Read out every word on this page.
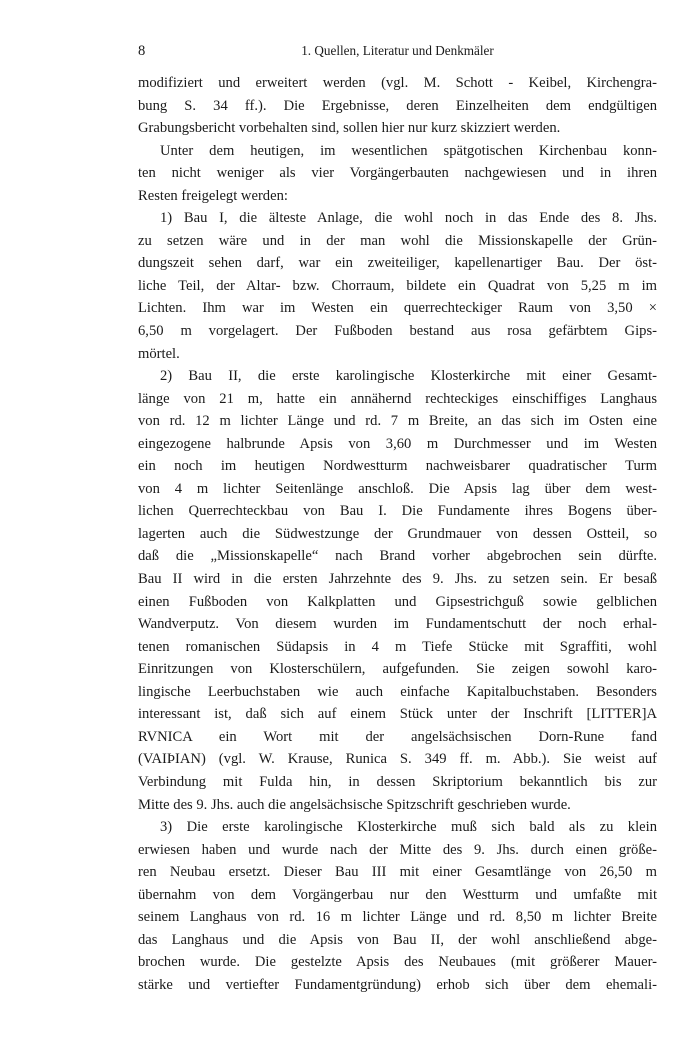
8	1. Quellen, Literatur und Denkmäler
modifiziert und erweitert werden (vgl. M. Schott - Keibel, Kirchengra-
bung S. 34 ff.). Die Ergebnisse, deren Einzelheiten dem endgültigen
Grabungsbericht vorbehalten sind, sollen hier nur kurz skizziert werden.
Unter dem heutigen, im wesentlichen spätgotischen Kirchenbau konn-
ten nicht weniger als vier Vorgängerbauten nachgewiesen und in ihren
Resten freigelegt werden:
1) Bau I, die älteste Anlage, die wohl noch in das Ende des 8. Jhs.
zu setzen wäre und in der man wohl die Missionskapelle der Grün-
dungszeit sehen darf, war ein zweiteiliger, kapellenartiger Bau. Der öst-
liche Teil, der Altar- bzw. Chorraum, bildete ein Quadrat von 5,25 m im
Lichten. Ihm war im Westen ein querrechteckiger Raum von 3,50 ×
6,50 m vorgelagert. Der Fußboden bestand aus rosa gefärbtem Gips-
mörtel.
2) Bau II, die erste karolingische Klosterkirche mit einer Gesamt-
länge von 21 m, hatte ein annähernd rechteckiges einschiffiges Langhaus
von rd. 12 m lichter Länge und rd. 7 m Breite, an das sich im Osten eine
eingezogene halbrunde Apsis von 3,60 m Durchmesser und im Westen
ein noch im heutigen Nordwestturm nachweisbarer quadratischer Turm
von 4 m lichter Seitenlänge anschloß. Die Apsis lag über dem west-
lichen Querrechteckbau von Bau I. Die Fundamente ihres Bogens über-
lagerten auch die Südwestzunge der Grundmauer von dessen Ostteil, so
daß die „Missionskapelle“ nach Brand vorher abgebrochen sein dürfte.
Bau II wird in die ersten Jahrzehnte des 9. Jhs. zu setzen sein. Er besaß
einen Fußboden von Kalkplatten und Gipsestrichguß sowie gelblichen
Wandverputz. Von diesem wurden im Fundamentschutt der noch erhal-
tenen romanischen Südapsis in 4 m Tiefe Stücke mit Sgraffiti, wohl
Einritzungen von Klosterschülern, aufgefunden. Sie zeigen sowohl karo-
lingische Leerbuchstaben wie auch einfache Kapitalbuchstaben. Besonders
interessant ist, daß sich auf einem Stück unter der Inschrift [LITTER]A
RVNICA ein Wort mit der angelsächsischen Dorn-Rune fand
(VAIÞIAN) (vgl. W. Krause, Runica S. 349 ff. m. Abb.). Sie weist auf
Verbindung mit Fulda hin, in dessen Skriptorium bekanntlich bis zur
Mitte des 9. Jhs. auch die angelsächsische Spitzschrift geschrieben wurde.
3) Die erste karolingische Klosterkirche muß sich bald als zu klein
erwiesen haben und wurde nach der Mitte des 9. Jhs. durch einen größe-
ren Neubau ersetzt. Dieser Bau III mit einer Gesamtlänge von 26,50 m
übernahm von dem Vorgängerbau nur den Westturm und umfaßte mit
seinem Langhaus von rd. 16 m lichter Länge und rd. 8,50 m lichter Breite
das Langhaus und die Apsis von Bau II, der wohl anschließend abge-
brochen wurde. Die gestelzte Apsis des Neubaues (mit größerer Mauer-
stärke und vertiefter Fundamentgründung) erhob sich über dem ehemali-
